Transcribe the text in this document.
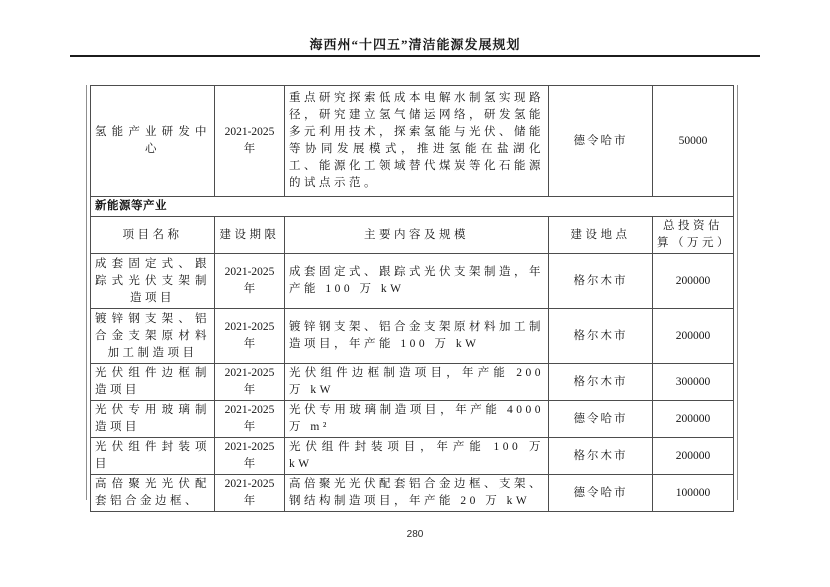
海西州“十四五”清洁能源发展规划
氢能产业研发中心	2021-2025年	重点研究探索低成本电解水制氢实现路径，研究建立氢气储运网络，研发氢能多元利用技术，探索氢能与光伏、储能等协同发展模式，推进氢能在盐湖化工、能源化工领域替代煤炭等化石能源的试点示范。	德令哈市	50000
新能源等产业				
项目名称	建设期限	主要内容及规模	建设地点	总投资估算（万元）
成套固定式、跟踪式光伏支架制造项目	2021-2025年	成套固定式、跟踪式光伏支架制造，年产能 100 万 kW	格尔木市	200000
镀锌钢支架、铝合金支架原材料加工制造项目	2021-2025年	镀锌钢支架、铝合金支架原材料加工制造项目，年产能 100 万 kW	格尔木市	200000
光伏组件边框制造项目	2021-2025年	光伏组件边框制造项目，年产能 200 万 kW	格尔木市	300000
光伏专用玻璃制造项目	2021-2025年	光伏专用玻璃制造项目，年产能 4000 万 m²	德令哈市	200000
光伏组件封装项目	2021-2025年	光伏组件封装项目，年产能 100 万 kW	格尔木市	200000
高倍聚光光伏配套铝合金边框、	2021-2025年	高倍聚光光伏配套铝合金边框、支架、钢结构制造项目，年产能 20 万 kW	德令哈市	100000
280
